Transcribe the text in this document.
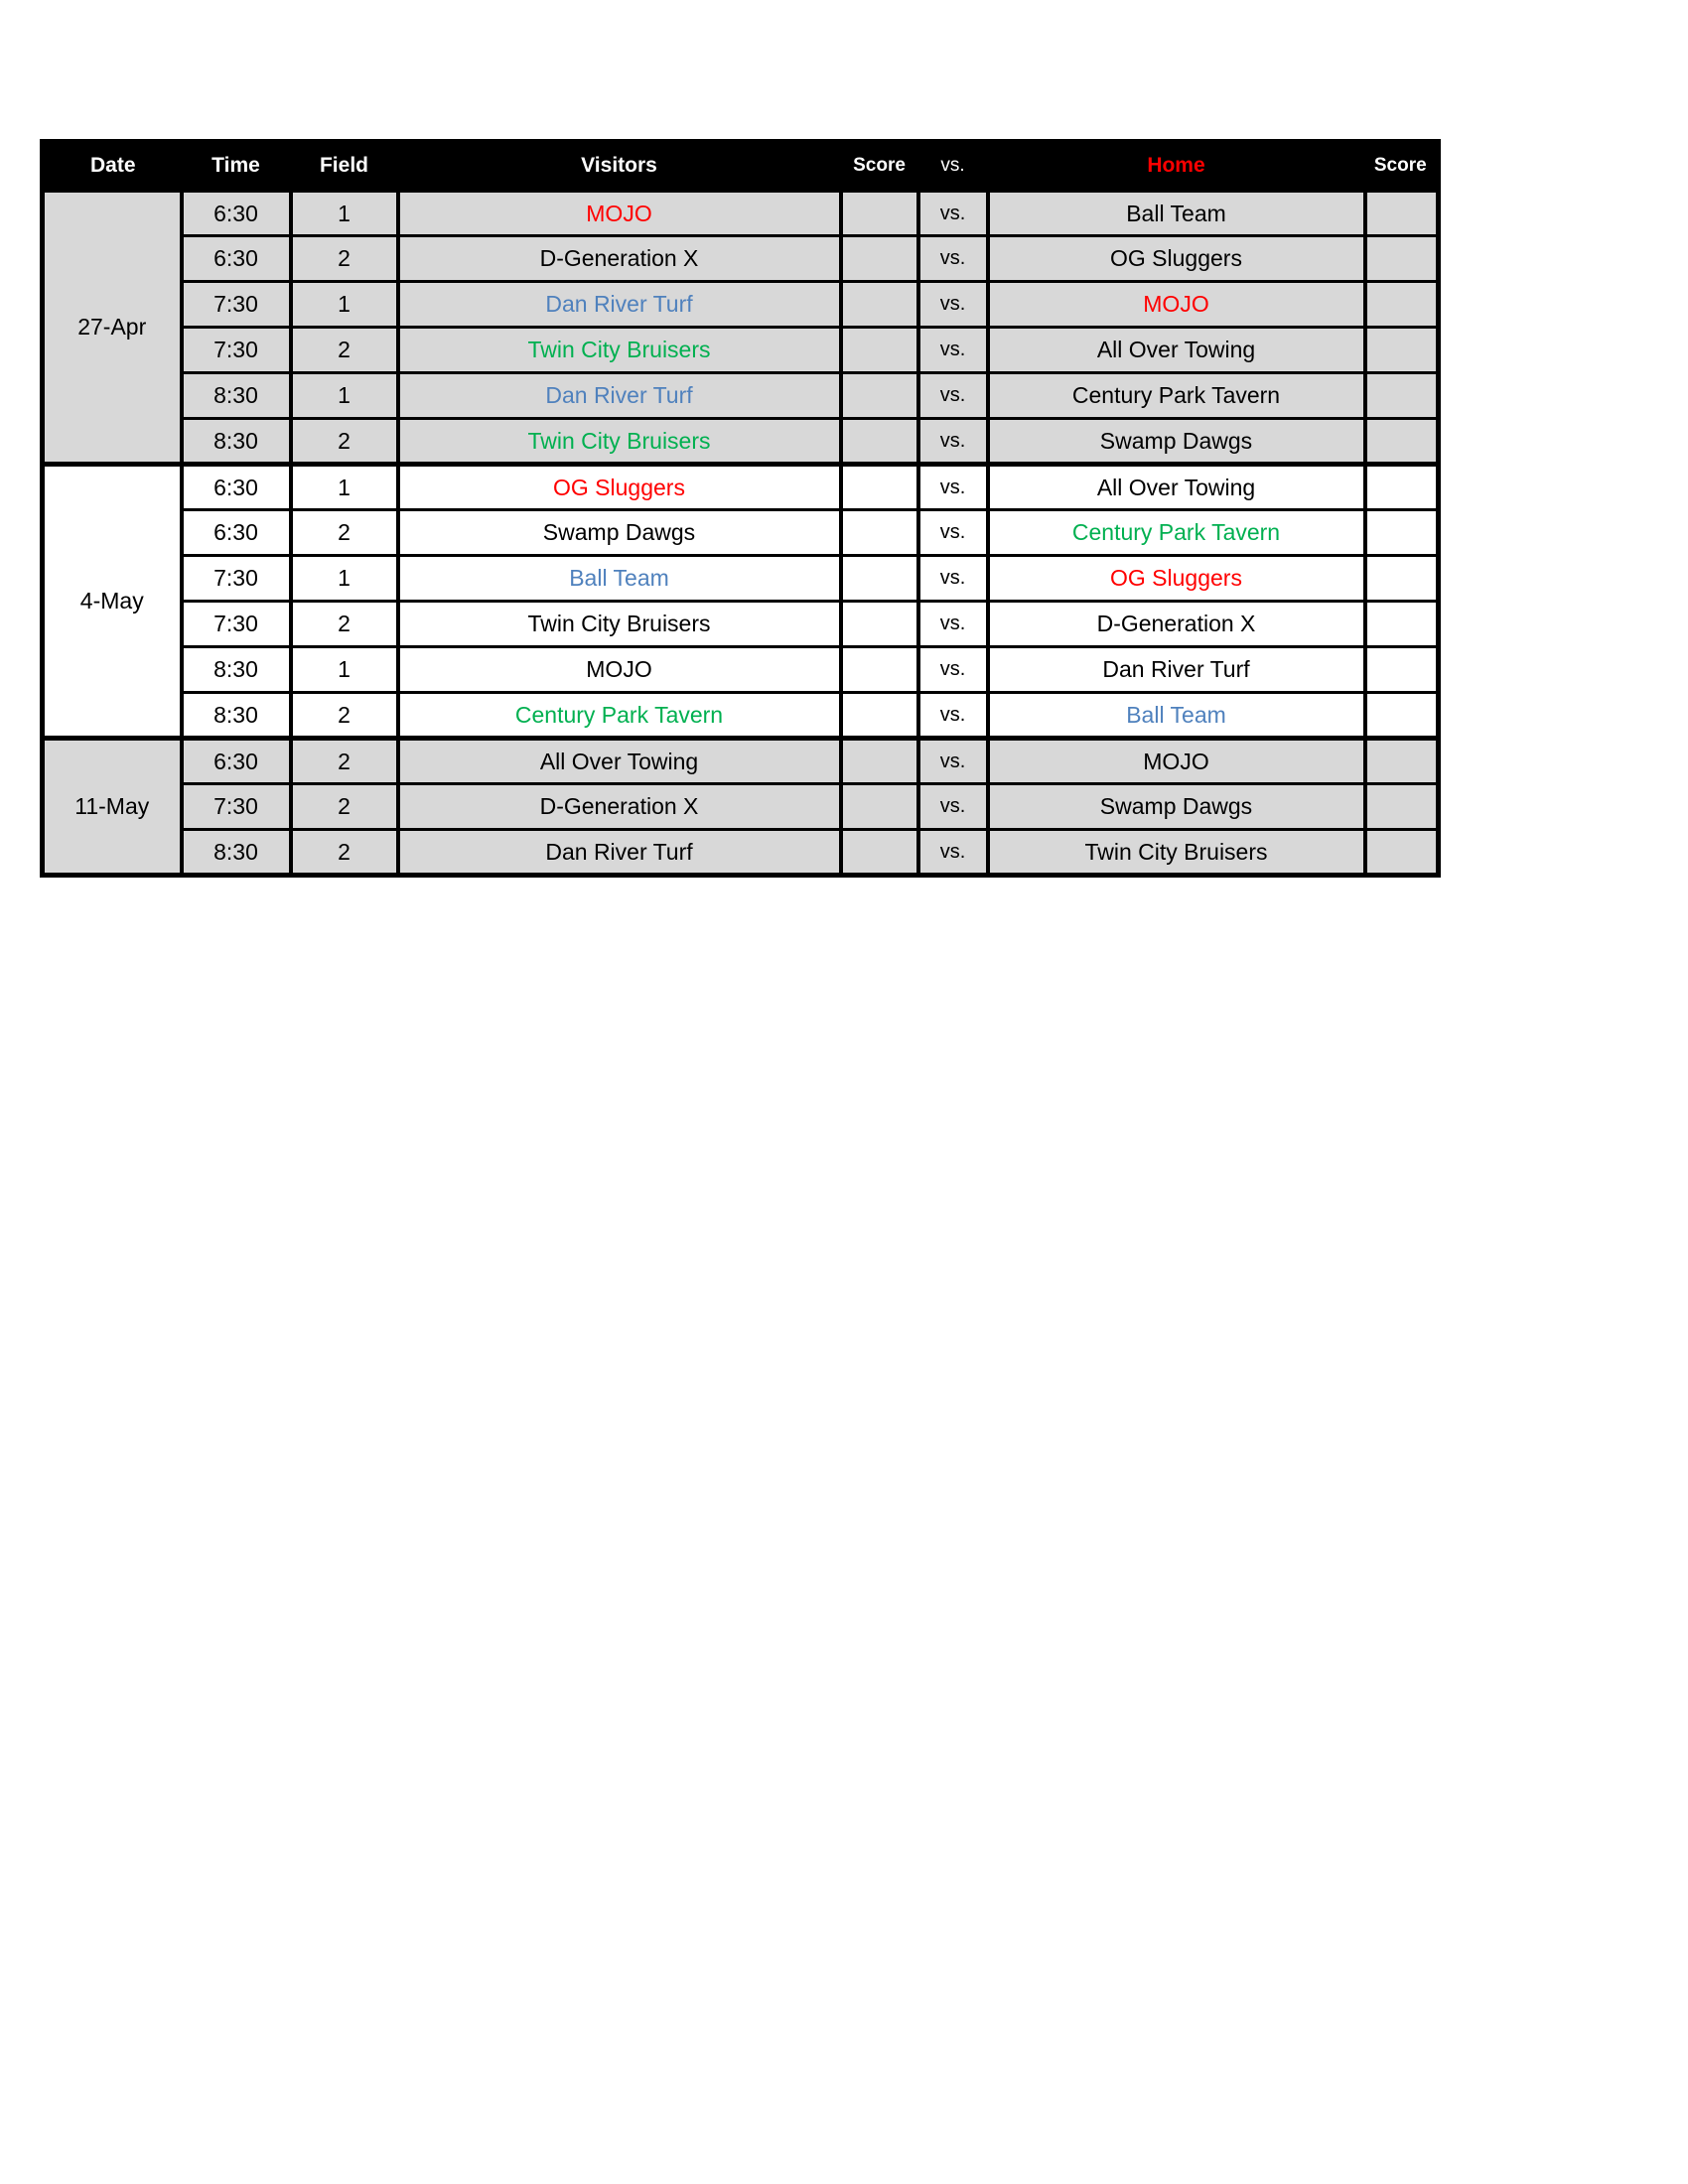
Date	Time	Field	Visitors	Score	vs.	Home	Score
27-Apr	6:30	1	MOJO		vs.	Ball Team	
	6:30	2	D-Generation X		vs.	OG Sluggers	
	7:30	1	Dan River Turf		vs.	MOJO	
	7:30	2	Twin City Bruisers		vs.	All Over Towing	
	8:30	1	Dan River Turf		vs.	Century Park Tavern	
	8:30	2	Twin City Bruisers		vs.	Swamp Dawgs	
4-May	6:30	1	OG Sluggers		vs.	All Over Towing	
	6:30	2	Swamp Dawgs		vs.	Century Park Tavern	
	7:30	1	Ball Team		vs.	OG Sluggers	
	7:30	2	Twin City Bruisers		vs.	D-Generation X	
	8:30	1	MOJO		vs.	Dan River Turf	
	8:30	2	Century Park Tavern		vs.	Ball Team	
11-May	6:30	2	All Over Towing		vs.	MOJO	
	7:30	2	D-Generation X		vs.	Swamp Dawgs	
	8:30	2	Dan River Turf		vs.	Twin City Bruisers	
